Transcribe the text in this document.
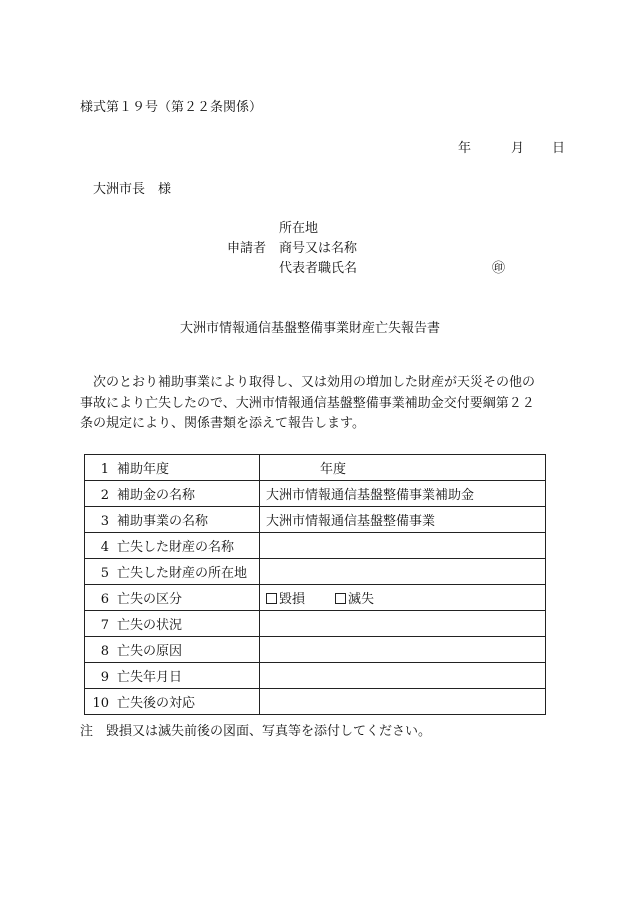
様式第１９号（第２２条関係）
年	月 日
大洲市長　様
所在地
申請者 商号又は名称
代表者職氏名	㊞
大洲市情報通信基盤整備事業財産亡失報告書
　次のとおり補助事業により取得し、又は効用の増加した財産が天災その他の
事故により亡失したので、大洲市情報通信基盤整備事業補助金交付要綱第２２
条の規定により、関係書類を添えて報告します。
1 補助年度	年度
2 補助金の名称	大洲市情報通信基盤整備事業補助金
3 補助事業の名称	大洲市情報通信基盤整備事業
4 亡失した財産の名称	
5 亡失した財産の所在地	
6 亡失の区分	毀損 滅失
7 亡失の状況	
8 亡失の原因	
9 亡失年月日	
10 亡失後の対応	
注　毀損又は滅失前後の図面、写真等を添付してください。
